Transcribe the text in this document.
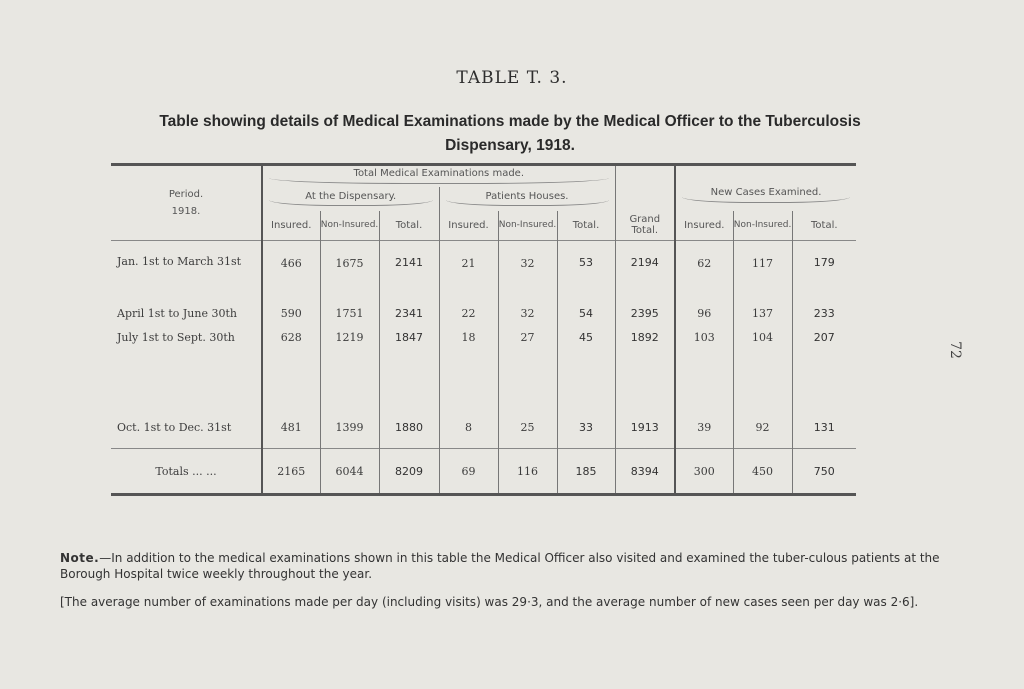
TABLE T. 3.
Table showing details of Medical Examinations made by the Medical Officer to the Tuberculosis
Dispensary, 1918.
72
Period.
1918.	Total Medical Examinations made.						Grand Total.	New Cases Examined.		

	At the Dispensary.			Patients Houses.						

	Insured.	Non-Insured.	Total.	Insured.	Non-Insured.	Total.		Insured.	Non-Insured.	Total.
Jan. 1st to March 31st	466	1675	2141	21	32	53	2194	62	117	179
April 1st to June 30th	590	1751	2341	22	32	54	2395	96	137	233
July 1st to Sept. 30th	628	1219	1847	18	27	45	1892	103	104	207
Oct. 1st to Dec. 31st	481	1399	1880	8	25	33	1913	39	92	131
Totals ... ...	2165	6044	8209	69	116	185	8394	300	450	750
Note.—In addition to the medical examinations shown in this table the Medical Officer also visited and examined the tuber-culous patients at the Borough Hospital twice weekly throughout the year.
[The average number of examinations made per day (including visits) was 29·3, and the average number of new cases seen per day was 2·6].
